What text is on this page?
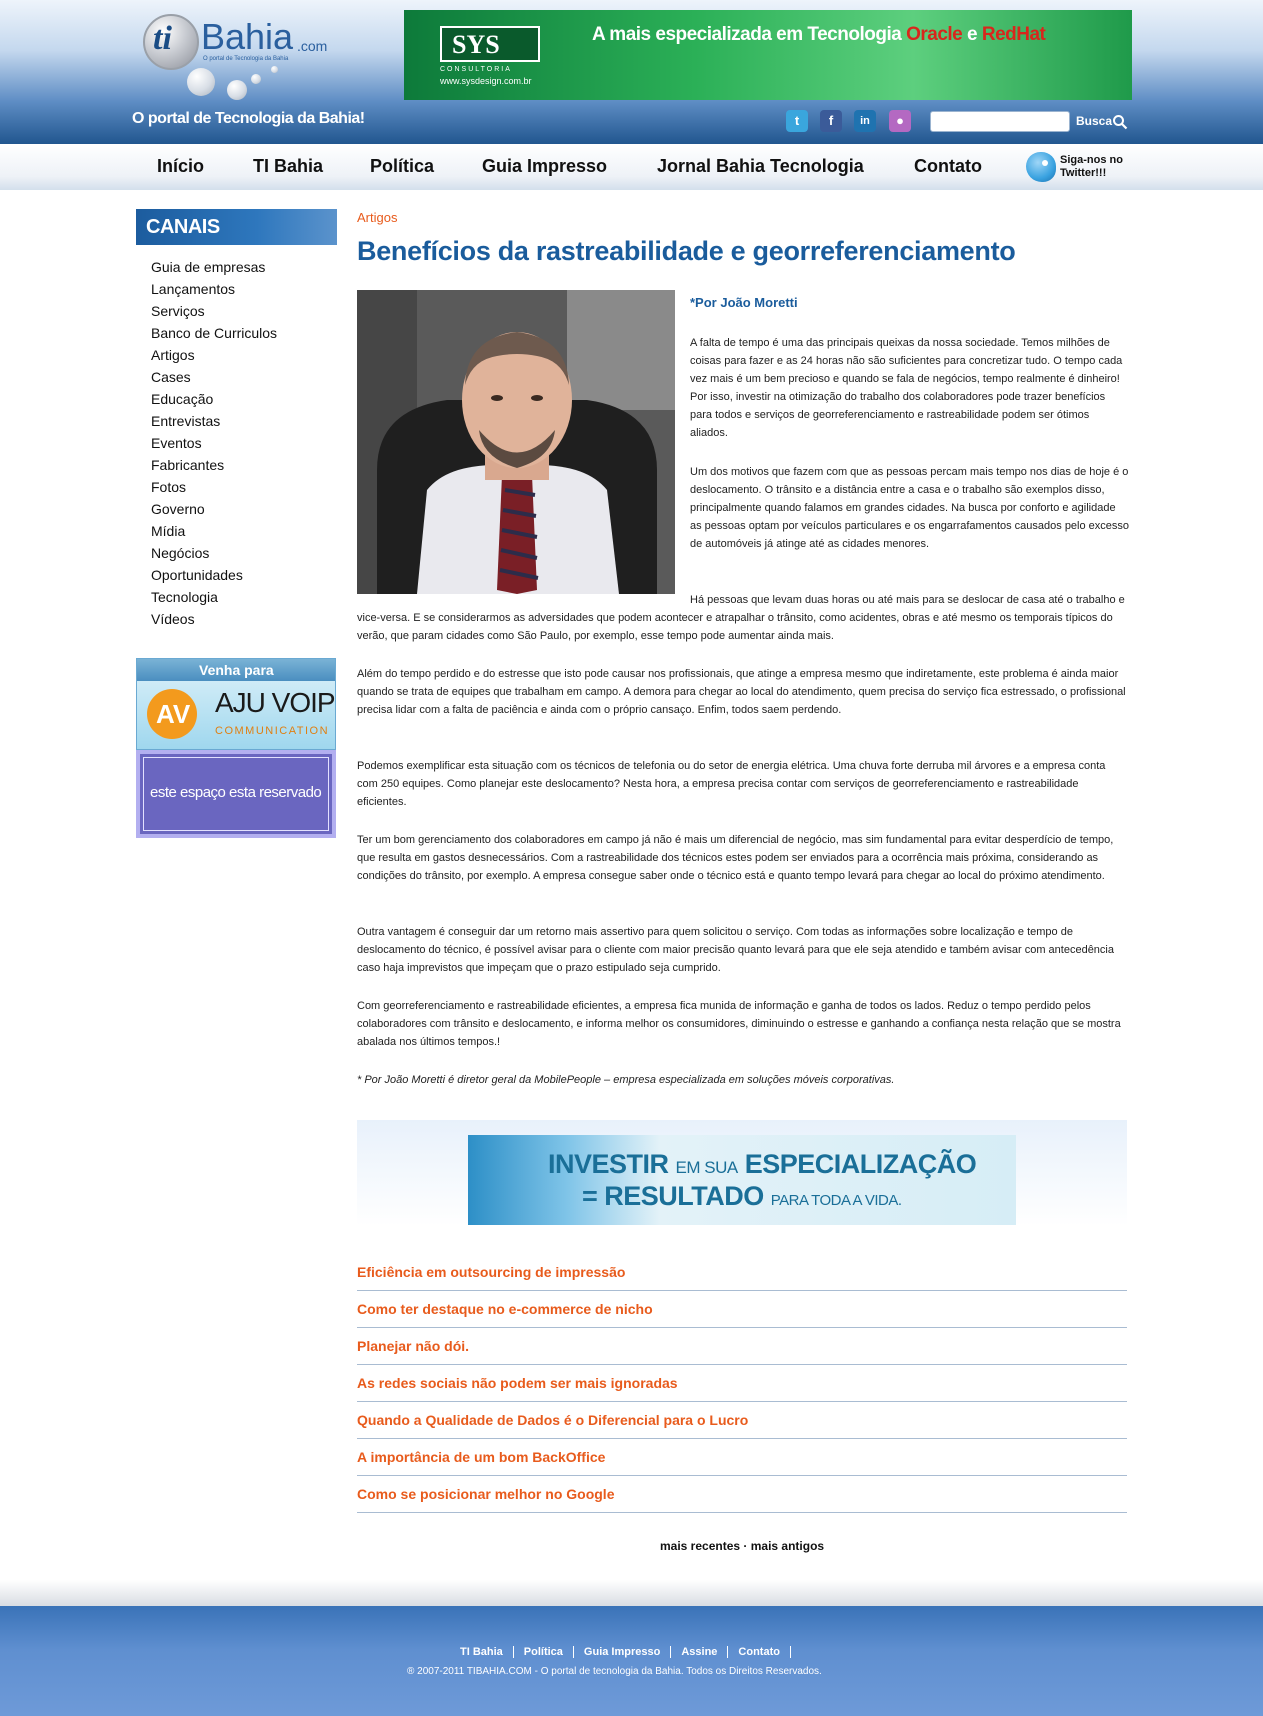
ti Bahia .com
O portal de Tecnologia da Bahia
O portal de Tecnologia da Bahia!
SYS
CONSULTORIA
www.sysdesign.com.br
A mais especializada em Tecnologia Oracle e RedHat
t	f	in	●	Busca
Início	TI Bahia	Política	Guia Impresso	Jornal Bahia Tecnologia	Contato	Siga-nos no Twitter!!!
CANAIS
Guia de empresas
Lançamentos
Serviços
Banco de Curriculos
Artigos
Cases
Educação
Entrevistas
Eventos
Fabricantes
Fotos
Governo
Mídia
Negócios
Oportunidades
Tecnologia
Vídeos
Venha para
AV AJU VOIP
COMMUNICATION
este espaço esta reservado
Artigos
Benefícios da rastreabilidade e georreferenciamento
*Por João Moretti

A falta de tempo é uma das principais queixas da nossa sociedade. Temos milhões de coisas para fazer e as 24 horas não são suficientes para concretizar tudo. O tempo cada vez mais é um bem precioso e quando se fala de negócios, tempo realmente é dinheiro! Por isso, investir na otimização do trabalho dos colaboradores pode trazer benefícios para todos e serviços de georreferenciamento e rastreabilidade podem ser ótimos aliados.

Um dos motivos que fazem com que as pessoas percam mais tempo nos dias de hoje é o deslocamento. O trânsito e a distância entre a casa e o trabalho são exemplos disso, principalmente quando falamos em grandes cidades. Na busca por conforto e agilidade as pessoas optam por veículos particulares e os engarrafamentos causados pelo excesso de automóveis já atinge até as cidades menores.

Há pessoas que levam duas horas ou até mais para se deslocar de casa até o trabalho e vice-versa. E se considerarmos as adversidades que podem acontecer e atrapalhar o trânsito, como acidentes, obras e até mesmo os temporais típicos do verão, que param cidades como São Paulo, por exemplo, esse tempo pode aumentar ainda mais.

Além do tempo perdido e do estresse que isto pode causar nos profissionais, que atinge a empresa mesmo que indiretamente, este problema é ainda maior quando se trata de equipes que trabalham em campo. A demora para chegar ao local do atendimento, quem precisa do serviço fica estressado, o profissional precisa lidar com a falta de paciência e ainda com o próprio cansaço. Enfim, todos saem perdendo.

Podemos exemplificar esta situação com os técnicos de telefonia ou do setor de energia elétrica. Uma chuva forte derruba mil árvores e a empresa conta com 250 equipes. Como planejar este deslocamento? Nesta hora, a empresa precisa contar com serviços de georreferenciamento e rastreabilidade eficientes.

Ter um bom gerenciamento dos colaboradores em campo já não é mais um diferencial de negócio, mas sim fundamental para evitar desperdício de tempo, que resulta em gastos desnecessários. Com a rastreabilidade dos técnicos estes podem ser enviados para a ocorrência mais próxima, considerando as condições do trânsito, por exemplo. A empresa consegue saber onde o técnico está e quanto tempo levará para chegar ao local do próximo atendimento.

Outra vantagem é conseguir dar um retorno mais assertivo para quem solicitou o serviço. Com todas as informações sobre localização e tempo de deslocamento do técnico, é possível avisar para o cliente com maior precisão quanto levará para que ele seja atendido e também avisar com antecedência caso haja imprevistos que impeçam que o prazo estipulado seja cumprido.

Com georreferenciamento e rastreabilidade eficientes, a empresa fica munida de informação e ganha de todos os lados. Reduz o tempo perdido pelos colaboradores com trânsito e deslocamento, e informa melhor os consumidores, diminuindo o estresse e ganhando a confiança nesta relação que se mostra abalada nos últimos tempos.!

* Por João Moretti é diretor geral da MobilePeople – empresa especializada em soluções móveis corporativas.

INVESTIR EM SUA ESPECIALIZAÇÃO
= RESULTADO PARA TODA A VIDA.
Eficiência em outsourcing de impressão
Como ter destaque no e-commerce de nicho
Planejar não dói.
As redes sociais não podem ser mais ignoradas
Quando a Qualidade de Dados é o Diferencial para o Lucro
A importância de um bom BackOffice
Como se posicionar melhor no Google
mais recentes · mais antigos
TI Bahia Política Guia Impresso Assine Contato
® 2007-2011 TIBAHIA.COM - O portal de tecnologia da Bahia. Todos os Direitos Reservados.
